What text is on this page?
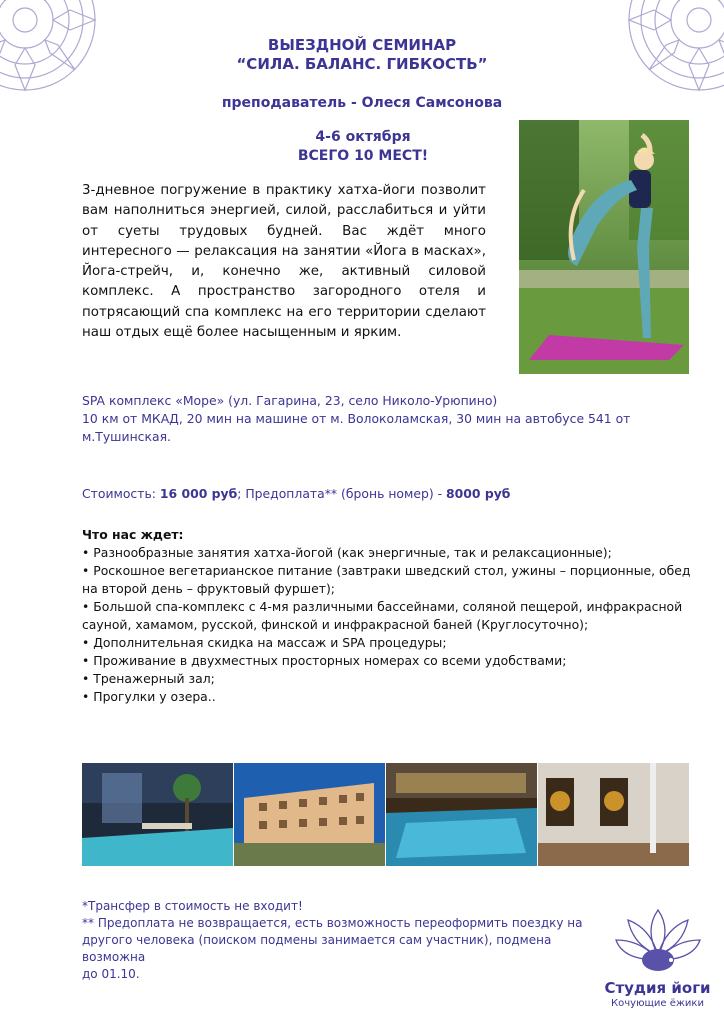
ВЫЕЗДНОЙ СЕМИНАР
“СИЛА. БАЛАНС. ГИБКОСТЬ”
преподаватель - Олеся Самсонова
4-6 октября
ВСЕГО 10 МЕСТ!
3-дневное погружение в практику хатха-йоги позволит вам наполниться энергией, силой, расслабиться и уйти от суеты трудовых будней. Вас ждёт много интересного — релаксация на занятии «Йога в масках», Йога-стрейч, и, конечно же, активный силовой комплекс. А пространство загородного отеля и потрясающий спа комплекс на его территории сделают наш отдых ещё более насыщенным и ярким.
SPA комплекс «Море» (ул. Гагарина, 23, село Николо-Урюпино)
10 км от МКАД, 20 мин на машине от м. Волоколамская, 30 мин на автобусе 541 от
м.Тушинская.
Стоимость: 16 000 руб; Предоплата** (бронь номер) - 8000 руб
Что нас ждет:
• Разнообразные занятия хатха-йогой (как энергичные, так и релаксационные);
• Роскошное вегетарианское питание (завтраки шведский стол, ужины – порционные, обед на второй день – фруктовый фуршет);
• Большой спа-комплекс с 4-мя различными бассейнами, соляной пещерой, инфракрасной сауной, хамамом, русской, финской и инфракрасной баней (Круглосуточно);
• Дополнительная скидка на массаж и SPA процедуры;
• Проживание в двухместных просторных номерах со всеми удобствами;
• Тренажерный зал;
• Прогулки у озера..
*Трансфер в стоимость не входит!
** Предоплата не возвращается, есть возможность переоформить поездку на другого человека (поиском подмены занимается сам участник), подмена возможна
до 01.10.
Студия йоги
Кочующие ёжики
